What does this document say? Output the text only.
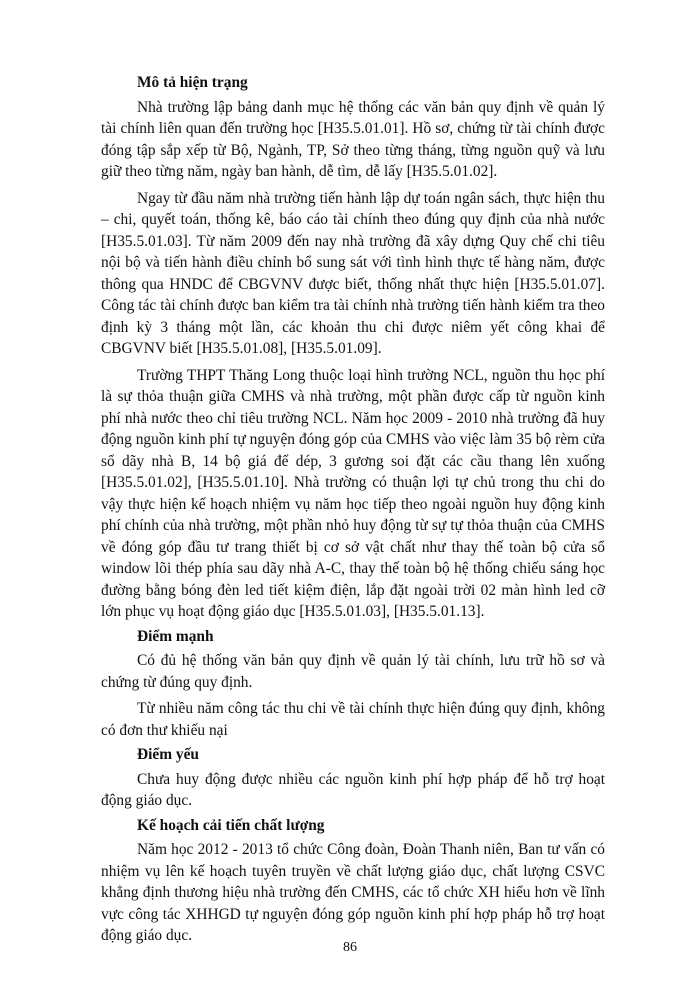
Mô tả hiện trạng

Nhà trường lập bảng danh mục hệ thống các văn bản quy định về quản lý tài chính liên quan đến trường học [H35.5.01.01]. Hồ sơ, chứng từ tài chính được đóng tập sắp xếp từ Bộ, Ngành, TP, Sở theo từng tháng, từng nguồn quỹ và lưu giữ theo từng năm, ngày ban hành, dễ tìm, dễ lấy [H35.5.01.02].

Ngay từ đầu năm nhà trường tiến hành lập dự toán ngân sách, thực hiện thu – chi, quyết toán, thống kê, báo cáo tài chính theo đúng quy định của nhà nước [H35.5.01.03]. Từ năm 2009 đến nay nhà trường đã xây dựng Quy chế chi tiêu nội bộ và tiến hành điều chỉnh bổ sung sát với tình hình thực tế hàng năm, được thông qua HNDC để CBGVNV được biết, thống nhất thực hiện [H35.5.01.07]. Công tác tài chính được ban kiểm tra tài chính nhà trường tiến hành kiểm tra theo định kỳ 3 tháng một lần, các khoản thu chi được niêm yết công khai để CBGVNV biết [H35.5.01.08], [H35.5.01.09].

Trường THPT Thăng Long thuộc loại hình trường NCL, nguồn thu học phí là sự thỏa thuận giữa CMHS và nhà trường, một phần được cấp từ nguồn kinh phí nhà nước theo chỉ tiêu trường NCL. Năm học 2009 - 2010 nhà trường đã huy động nguồn kinh phí tự nguyện đóng góp của CMHS vào việc làm 35 bộ rèm cửa sổ dãy nhà B, 14 bộ giá để dép, 3 gương soi đặt các cầu thang lên xuống [H35.5.01.02], [H35.5.01.10]. Nhà trường có thuận lợi tự chủ trong thu chi do vậy thực hiện kế hoạch nhiệm vụ năm học tiếp theo ngoài nguồn huy động kinh phí chính của nhà trường, một phần nhỏ huy động từ sự tự thỏa thuận của CMHS về đóng góp đầu tư trang thiết bị cơ sở vật chất như thay thế toàn bộ cửa sổ window lõi thép phía sau dãy nhà A-C, thay thế toàn bộ hệ thống chiếu sáng học đường bằng bóng đèn led tiết kiệm điện, lắp đặt ngoài trời 02 màn hình led cỡ lớn phục vụ hoạt động giáo dục [H35.5.01.03], [H35.5.01.13].

Điểm mạnh

Có đủ hệ thống văn bản quy định về quản lý tài chính, lưu trữ hồ sơ và chứng từ đúng quy định.

Từ nhiều năm công tác thu chi về tài chính thực hiện đúng quy định, không có đơn thư khiếu nại

Điểm yếu

Chưa huy động được nhiều các nguồn kinh phí hợp pháp để hỗ trợ hoạt động giáo dục.

Kế hoạch cải tiến chất lượng

Năm học 2012 - 2013 tổ chức Công đoàn, Đoàn Thanh niên, Ban tư vấn có nhiệm vụ lên kế hoạch tuyên truyền về chất lượng giáo dục, chất lượng CSVC khẳng định thương hiệu nhà trường đến CMHS, các tổ chức XH hiểu hơn về lĩnh vực công tác XHHGD tự nguyện đóng góp nguồn kinh phí hợp pháp hỗ trợ hoạt động giáo dục.

86
